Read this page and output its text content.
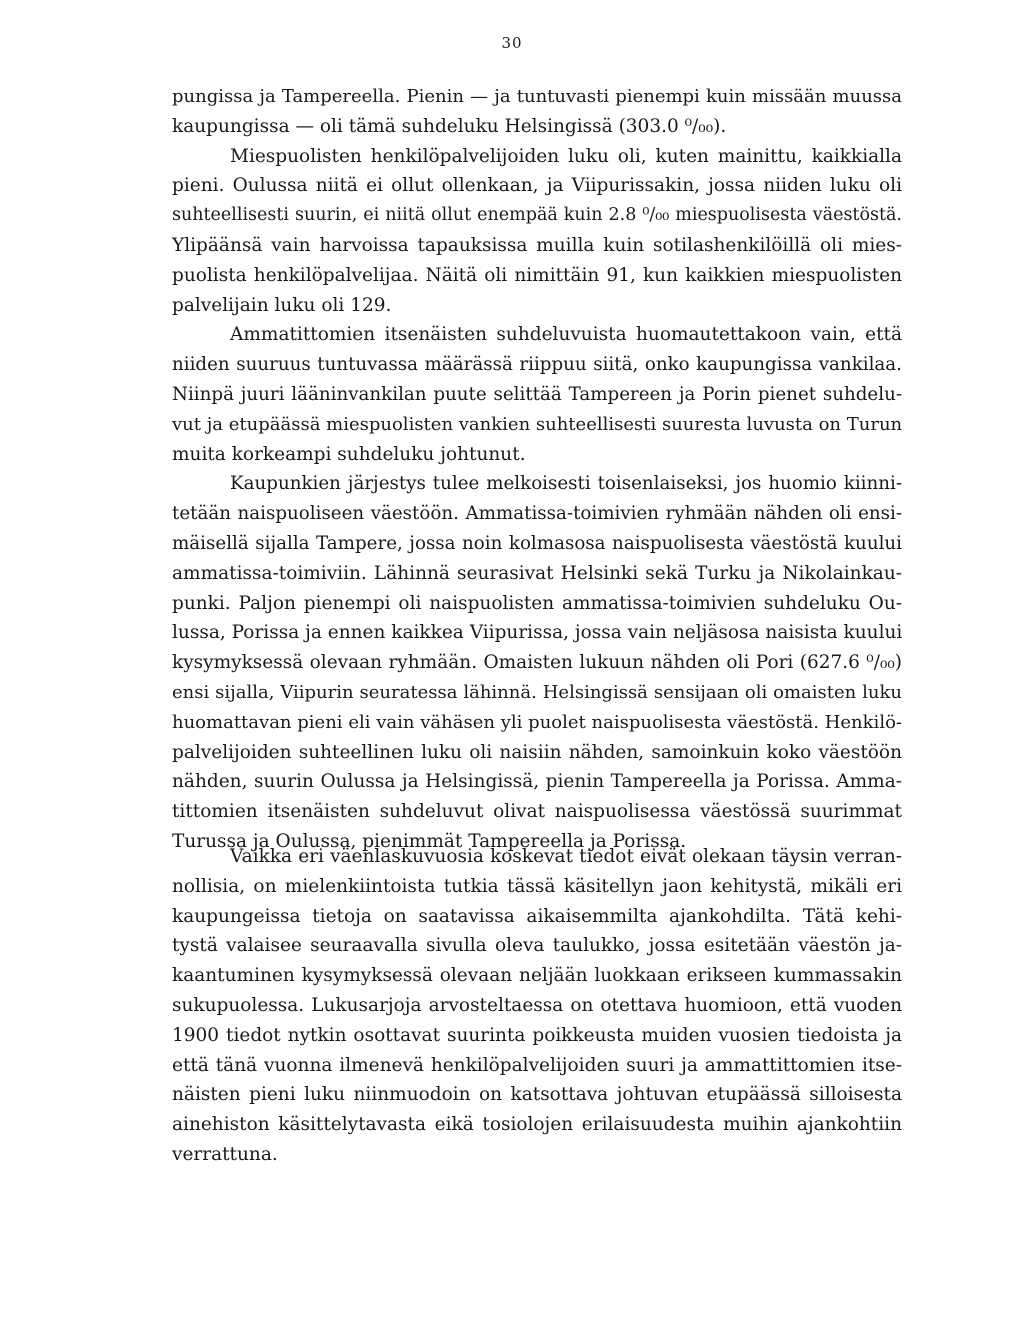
30
pungissa ja Tampereella. Pienin — ja tuntuvasti pienempi kuin missään muussa
kaupungissa — oli tämä suhdeluku Helsingissä (303.0 ⁰/₀₀).
Miespuolisten henkilöpalvelijoiden luku oli, kuten mainittu, kaikkialla
pieni. Oulussa niitä ei ollut ollenkaan, ja Viipurissakin, jossa niiden luku oli
suhteellisesti suurin, ei niitä ollut enempää kuin 2.8 ⁰/₀₀ miespuolisesta väestöstä.
Ylipäänsä vain harvoissa tapauksissa muilla kuin sotilashenkilöillä oli mies-
puolista henkilöpalvelijaa. Näitä oli nimittäin 91, kun kaikkien miespuolisten
palvelijain luku oli 129.
Ammatittomien itsenäisten suhdeluvuista huomautettakoon vain, että
niiden suuruus tuntuvassa määrässä riippuu siitä, onko kaupungissa vankilaa.
Niinpä juuri lääninvankilan puute selittää Tampereen ja Porin pienet suhdelu-
vut ja etupäässä miespuolisten vankien suhteellisesti suuresta luvusta on Turun
muita korkeampi suhdeluku johtunut.
Kaupunkien järjestys tulee melkoisesti toisenlaiseksi, jos huomio kiinni-
tetään naispuoliseen väestöön. Ammatissa-toimivien ryhmään nähden oli ensi-
mäisellä sijalla Tampere, jossa noin kolmasosa naispuolisesta väestöstä kuului
ammatissa-toimiviin. Lähinnä seurasivat Helsinki sekä Turku ja Nikolainkau-
punki. Paljon pienempi oli naispuolisten ammatissa-toimivien suhdeluku Ou-
lussa, Porissa ja ennen kaikkea Viipurissa, jossa vain neljäsosa naisista kuului
kysymyksessä olevaan ryhmään. Omaisten lukuun nähden oli Pori (627.6 ⁰/₀₀)
ensi sijalla, Viipurin seuratessa lähinnä. Helsingissä sensijaan oli omaisten luku
huomattavan pieni eli vain vähäsen yli puolet naispuolisesta väestöstä. Henkilö-
palvelijoiden suhteellinen luku oli naisiin nähden, samoinkuin koko väestöön
nähden, suurin Oulussa ja Helsingissä, pienin Tampereella ja Porissa. Amma-
tittomien itsenäisten suhdeluvut olivat naispuolisessa väestössä suurimmat
Turussa ja Oulussa, pienimmät Tampereella ja Porissa.
Vaikka eri väenlaskuvuosia koskevat tiedot eivät olekaan täysin verran-
nollisia, on mielenkiintoista tutkia tässä käsitellyn jaon kehitystä, mikäli eri
kaupungeissa tietoja on saatavissa aikaisemmilta ajankohdilta. Tätä kehi-
tystä valaisee seuraavalla sivulla oleva taulukko, jossa esitetään väestön ja-
kaantuminen kysymyksessä olevaan neljään luokkaan erikseen kummassakin
sukupuolessa. Lukusarjoja arvosteltaessa on otettava huomioon, että vuoden
1900 tiedot nytkin osottavat suurinta poikkeusta muiden vuosien tiedoista ja
että tänä vuonna ilmenevä henkilöpalvelijoiden suuri ja ammattittomien itse-
näisten pieni luku niinmuodoin on katsottava johtuvan etupäässä silloisesta
ainehiston käsittelytavasta eikä tosiolojen erilaisuudesta muihin ajankohtiin
verrattuna.
